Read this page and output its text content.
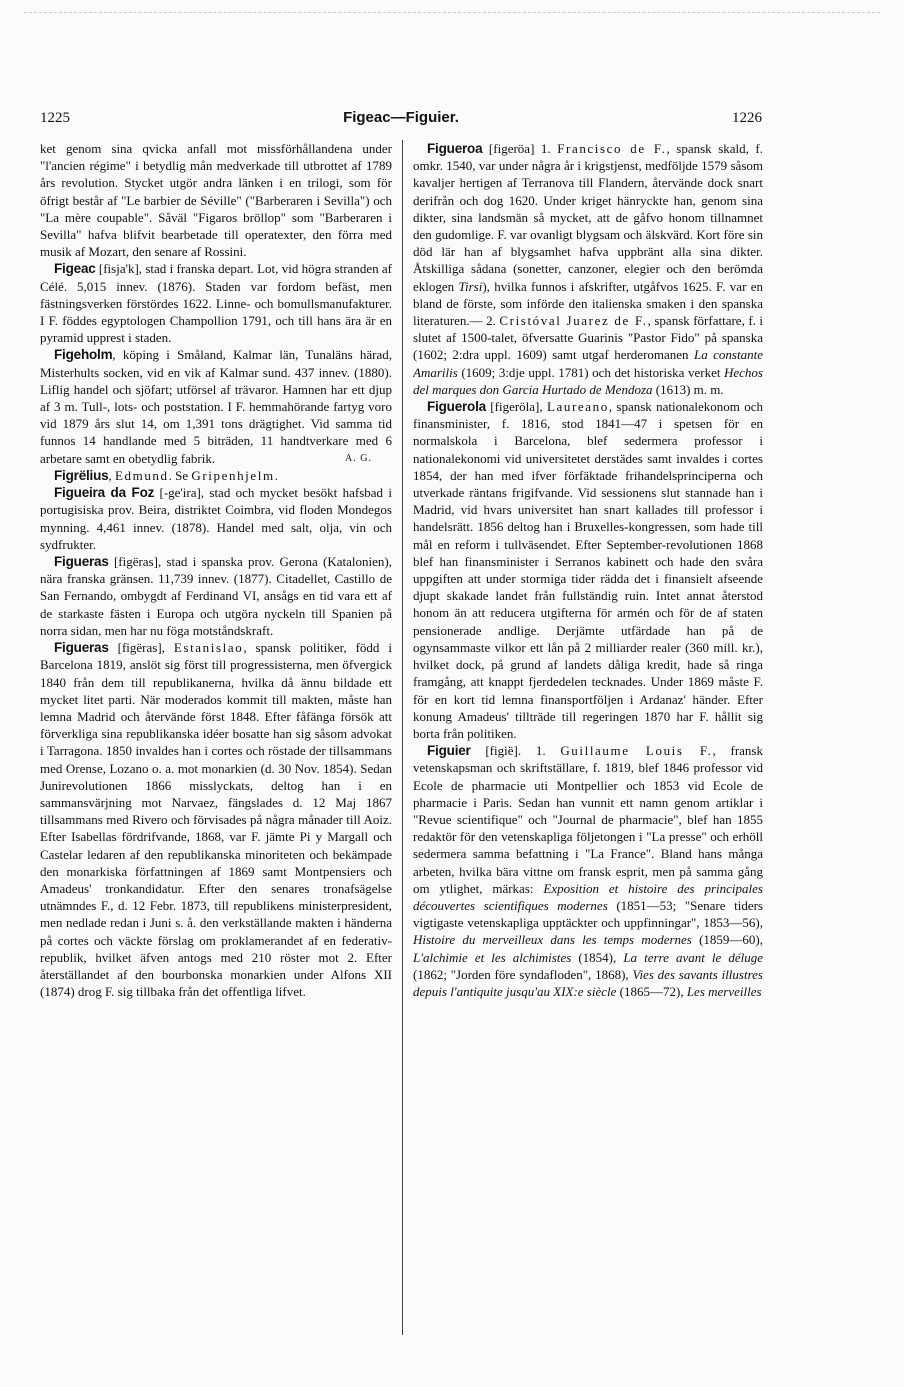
1225	Figeac—Figuier.	1226

ket genom sina qvicka anfall mot missförhållandena under "l'ancien régime" i betydlig mån medverkade till utbrottet af 1789 års revolution. Stycket utgör andra länken i en trilogi, som för öfrigt består af "Le barbier de Séville" ("Barberaren i Sevilla") och "La mère coupable". Såväl "Figaros bröllop" som "Barberaren i Sevilla" hafva blifvit bearbetade till operatexter, den förra med musik af Mozart, den senare af Rossini.

Figeac [fisja'k], stad i franska depart. Lot, vid högra stranden af Célé. 5,015 innev. (1876). Staden var fordom befäst, men fästningsverken förstördes 1622. Linne- och bomullsmanufakturer. I F. föddes egyptologen Champollion 1791, och till hans ära är en pyramid upprest i staden.

Figeholm, köping i Småland, Kalmar län, Tunaläns härad, Misterhults socken, vid en vik af Kalmar sund. 437 innev. (1880). Liflig handel och sjöfart; utförsel af trävaror. Hamnen har ett djup af 3 m. Tull-, lots- och poststation. I F. hemmahörande fartyg voro vid 1879 års slut 14, om 1,391 tons drägtighet. Vid samma tid funnos 14 handlande med 5 biträden, 11 handtverkare med 6 arbetare samt en obetydlig fabrik.	A. G.

Figrëlius, Edmund. Se Gripenhjelm.

Figueira da Foz [-ge'ira], stad och mycket besökt hafsbad i portugisiska prov. Beira, distriktet Coimbra, vid floden Mondegos mynning. 4,461 innev. (1878). Handel med salt, olja, vin och sydfrukter.

Figueras [figëras], stad i spanska prov. Gerona (Katalonien), nära franska gränsen. 11,739 innev. (1877). Citadellet, Castillo de San Fernando, ombygdt af Ferdinand VI, ansågs en tid vara ett af de starkaste fästen i Europa och utgöra nyckeln till Spanien på norra sidan, men har nu föga motståndskraft.

Figueras [figëras], Estanislao, spansk politiker, född i Barcelona 1819, anslöt sig först till progressisterna, men öfvergick 1840 från dem till republikanerna, hvilka då ännu bildade ett mycket litet parti. När moderados kommit till makten, måste han lemna Madrid och återvände först 1848. Efter fåfänga försök att förverkliga sina republikanska idéer bosatte han sig såsom advokat i Tarragona. 1850 invaldes han i cortes och röstade der tillsammans med Orense, Lozano o. a. mot monarkien (d. 30 Nov. 1854). Sedan Junirevolutionen 1866 misslyckats, deltog han i en sammansvärjning mot Narvaez, fängslades d. 12 Maj 1867 tillsammans med Rivero och förvisades på några månader till Aoiz. Efter Isabellas fördrifvande, 1868, var F. jämte Pi y Margall och Castelar ledaren af den republikanska minoriteten och bekämpade den monarkiska författningen af 1869 samt Montpensiers och Amadeus' tronkandidatur. Efter den senares tronafsägelse utnämndes F., d. 12 Febr. 1873, till republikens ministerpresident, men nedlade redan i Juni s. å. den verkställande makten i händerna på cortes och väckte förslag om proklamerandet af en federativ-republik, hvilket äfven antogs med 210 röster mot 2. Efter återställandet af den bourbonska monarkien under Alfons XII (1874) drog F. sig tillbaka från det offentliga lifvet.

Figueroa [figeröa] 1. Francisco de F., spansk skald, f. omkr. 1540, var under några år i krigstjenst, medföljde 1579 såsom kavaljer hertigen af Terranova till Flandern, återvände dock snart derifrån och dog 1620. Under kriget hänryckte han, genom sina dikter, sina landsmän så mycket, att de gåfvo honom tillnamnet den gudomlige. F. var ovanligt blygsam och älskvärd. Kort före sin död lär han af blygsamhet hafva uppbränt alla sina dikter. Åtskilliga sådana (sonetter, canzoner, elegier och den berömda eklogen Tirsi), hvilka funnos i afskrifter, utgåfvos 1625. F. var en bland de förste, som införde den italienska smaken i den spanska literaturen.— 2. Cristóval Juarez de F., spansk författare, f. i slutet af 1500-talet, öfversatte Guarinis "Pastor Fido" på spanska (1602; 2:dra uppl. 1609) samt utgaf herderomanen La constante Amarilis (1609; 3:dje uppl. 1781) och det historiska verket Hechos del marques don Garcia Hurtado de Mendoza (1613) m. m.

Figuerola [figeröla], Laureano, spansk nationalekonom och finansminister, f. 1816, stod 1841—47 i spetsen för en normalskola i Barcelona, blef sedermera professor i nationalekonomi vid universitetet derstädes samt invaldes i cortes 1854, der han med ifver förfäktade frihandelsprinciperna och utverkade räntans frigifvande. Vid sessionens slut stannade han i Madrid, vid hvars universitet han snart kallades till professor i handelsrätt. 1856 deltog han i Bruxelles-kongressen, som hade till mål en reform i tullväsendet. Efter September-revolutionen 1868 blef han finansminister i Serranos kabinett och hade den svåra uppgiften att under stormiga tider rädda det i finansielt afseende djupt skakade landet från fullständig ruin. Intet annat återstod honom än att reducera utgifterna för armén och för de af staten pensionerade andlige. Derjämte utfärdade han på de ogynsammaste vilkor ett lån på 2 milliarder realer (360 mill. kr.), hvilket dock, på grund af landets dåliga kredit, hade så ringa framgång, att knappt fjerdedelen tecknades. Under 1869 måste F. för en kort tid lemna finansportföljen i Ardanaz' händer. Efter konung Amadeus' tillträde till regeringen 1870 har F. hållit sig borta från politiken.

Figuier [figië]. 1. Guillaume Louis F., fransk vetenskapsman och skriftställare, f. 1819, blef 1846 professor vid Ecole de pharmacie uti Montpellier och 1853 vid Ecole de pharmacie i Paris. Sedan han vunnit ett namn genom artiklar i "Revue scientifique" och "Journal de pharmacie", blef han 1855 redaktör för den vetenskapliga följetongen i "La presse" och erhöll sedermera samma befattning i "La France". Bland hans många arbeten, hvilka bära vittne om fransk esprit, men på samma gång om ytlighet, märkas: Exposition et histoire des principales découvertes scientifiques modernes (1851—53; "Senare tiders vigtigaste vetenskapliga upptäckter och uppfinningar", 1853—56), Histoire du merveilleux dans les temps modernes (1859—60), L'alchimie et les alchimistes (1854), La terre avant le déluge (1862; "Jorden före syndafloden", 1868), Vies des savants illustres depuis l'antiquite jusqu'au XIX:e siècle (1865—72), Les merveilles
